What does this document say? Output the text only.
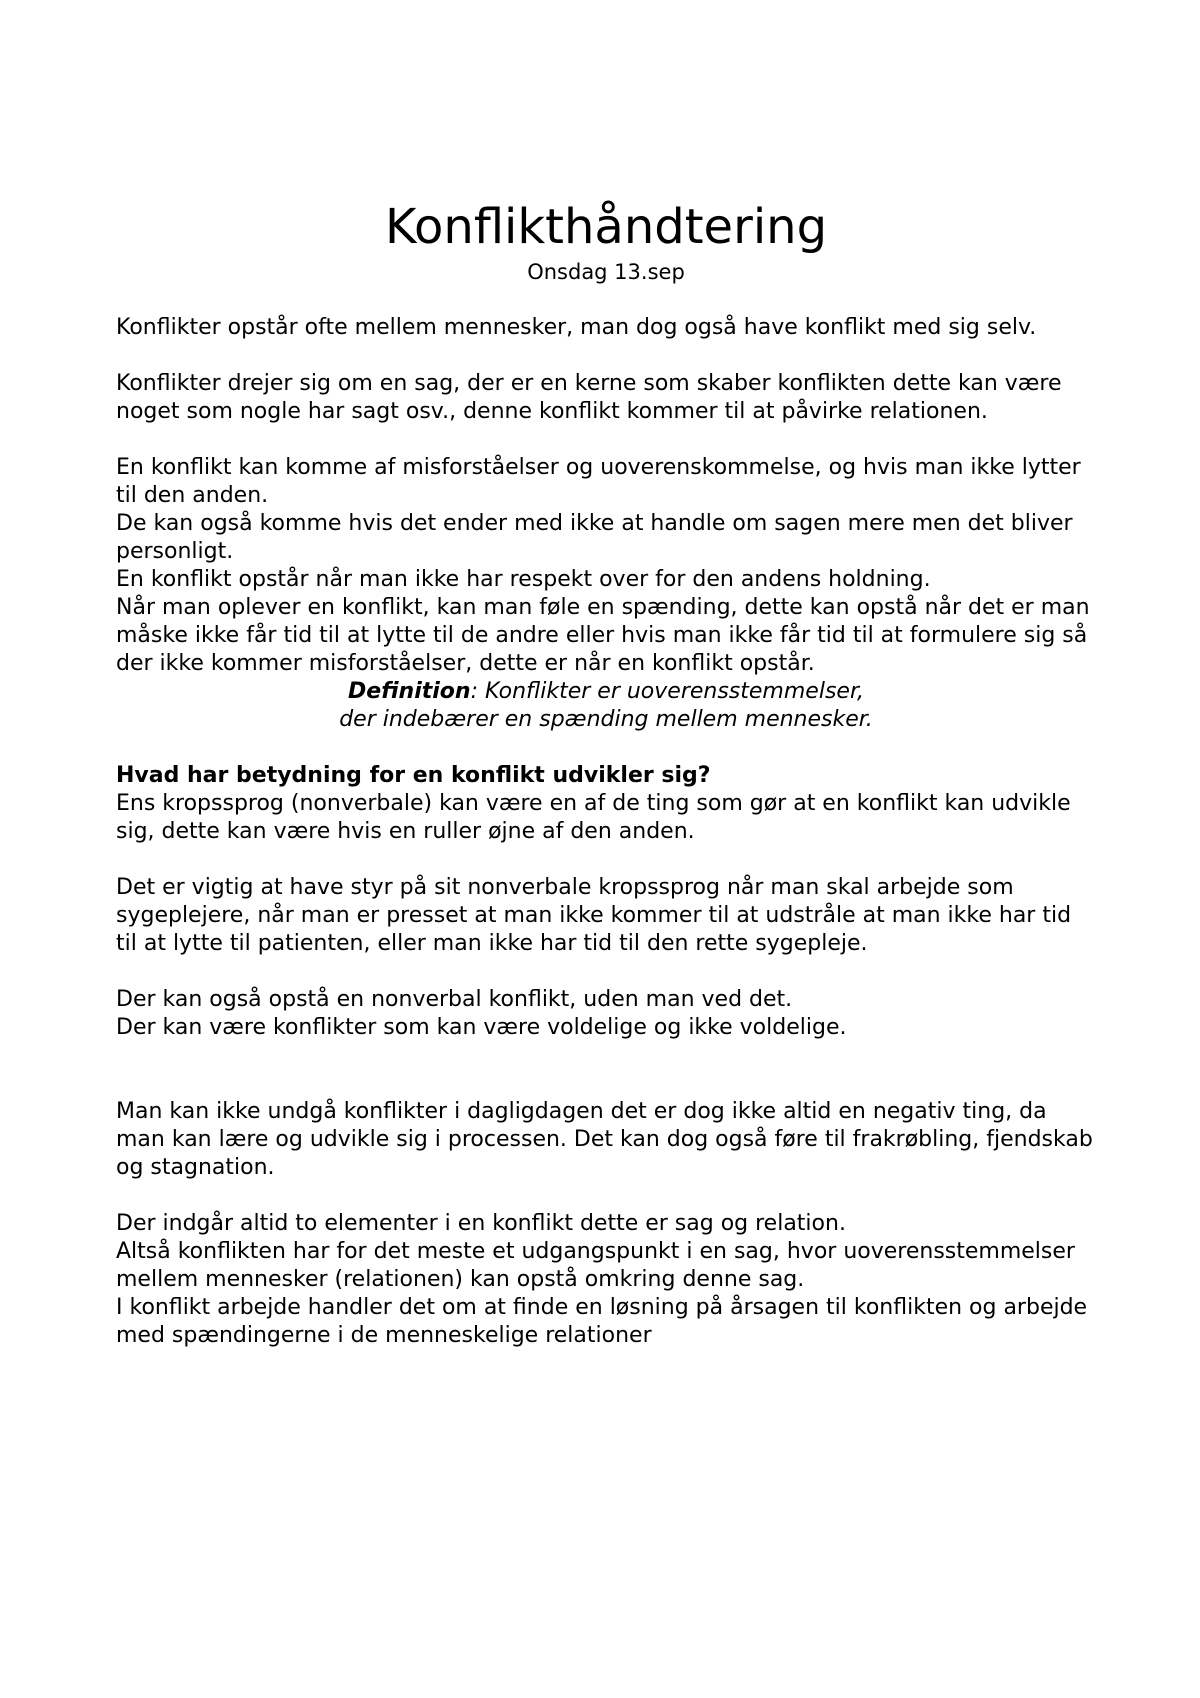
Konflikthåndtering

Onsdag 13.sep

Konflikter opstår ofte mellem mennesker, man dog også have konflikt med sig selv.

Konflikter drejer sig om en sag, der er en kerne som skaber konflikten dette kan være noget som nogle har sagt osv., denne konflikt kommer til at påvirke relationen.

En konflikt kan komme af misforståelser og uoverenskommelse, og hvis man ikke lytter til den anden.

De kan også komme hvis det ender med ikke at handle om sagen mere men det bliver personligt.

En konflikt opstår når man ikke har respekt over for den andens holdning.

Når man oplever en konflikt, kan man føle en spænding, dette kan opstå når det er man måske ikke får tid til at lytte til de andre eller hvis man ikke får tid til at formulere sig så der ikke kommer misforståelser, dette er når en konflikt opstår.

Definition: Konflikter er uoverensstemmelser,

der indebærer en spænding mellem mennesker.

Hvad har betydning for en konflikt udvikler sig?

Ens kropssprog (nonverbale) kan være en af de ting som gør at en konflikt kan udvikle sig, dette kan være hvis en ruller øjne af den anden.

Det er vigtig at have styr på sit nonverbale kropssprog når man skal arbejde som sygeplejere, når man er presset at man ikke kommer til at udstråle at man ikke har tid til at lytte til patienten, eller man ikke har tid til den rette sygepleje.

Der kan også opstå en nonverbal konflikt, uden man ved det.

Der kan være konflikter som kan være voldelige og ikke voldelige.

Man kan ikke undgå konflikter i dagligdagen det er dog ikke altid en negativ ting, da man kan lære og udvikle sig i processen. Det kan dog også føre til frakrøbling, fjendskab og stagnation.

Der indgår altid to elementer i en konflikt dette er sag og relation.

Altså konflikten har for det meste et udgangspunkt i en sag, hvor uoverensstemmelser mellem mennesker (relationen) kan opstå omkring denne sag.

I konflikt arbejde handler det om at finde en løsning på årsagen til konflikten og arbejde med spændingerne i de menneskelige relationer
